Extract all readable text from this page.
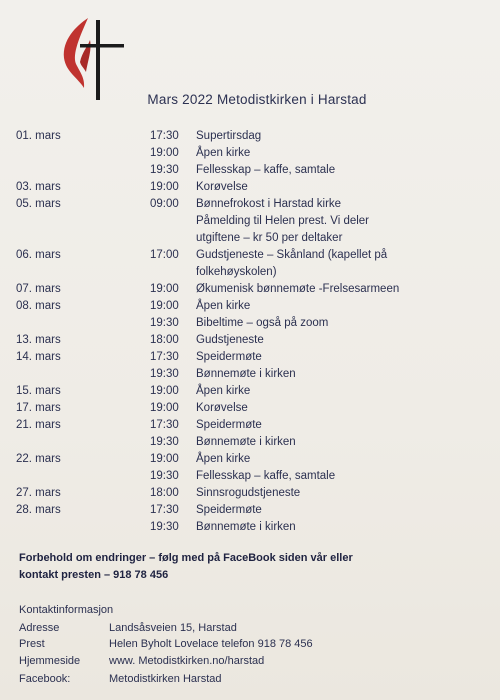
Mars 2022 Metodistkirken i Harstad
01. mars	17:30	Supertirsdag
19:00	Åpen kirke
19:30	Fellesskap – kaffe, samtale
03. mars	19:00	Korøvelse
05. mars	09:00	Bønnefrokost i Harstad kirke
Påmelding til Helen prest. Vi deler
utgiftene – kr 50 per deltaker
06. mars	17:00	Gudstjeneste – Skånland (kapellet på
folkehøyskolen)
07. mars	19:00	Økumenisk bønnemøte -Frelsesarmeen
08. mars	19:00	Åpen kirke
19:30	Bibeltime – også på zoom
13. mars	18:00	Gudstjeneste
14. mars	17:30	Speidermøte
19:30	Bønnemøte i kirken
15. mars	19:00	Åpen kirke
17. mars	19:00	Korøvelse
21. mars	17:30	Speidermøte
19:30	Bønnemøte i kirken
22. mars	19:00	Åpen kirke
19:30	Fellesskap – kaffe, samtale
27. mars	18:00	Sinnsrogudstjeneste
28. mars	17:30	Speidermøte
19:30	Bønnemøte i kirken
Forbehold om endringer – følg med på FaceBook siden vår eller
kontakt presten – 918 78 456
Kontaktinformasjon
Adresse	Landsåsveien 15, Harstad
Prest	Helen Byholt Lovelace telefon 918 78 456
Hjemmeside	www. Metodistkirken.no/harstad
Facebook:	Metodistkirken Harstad
